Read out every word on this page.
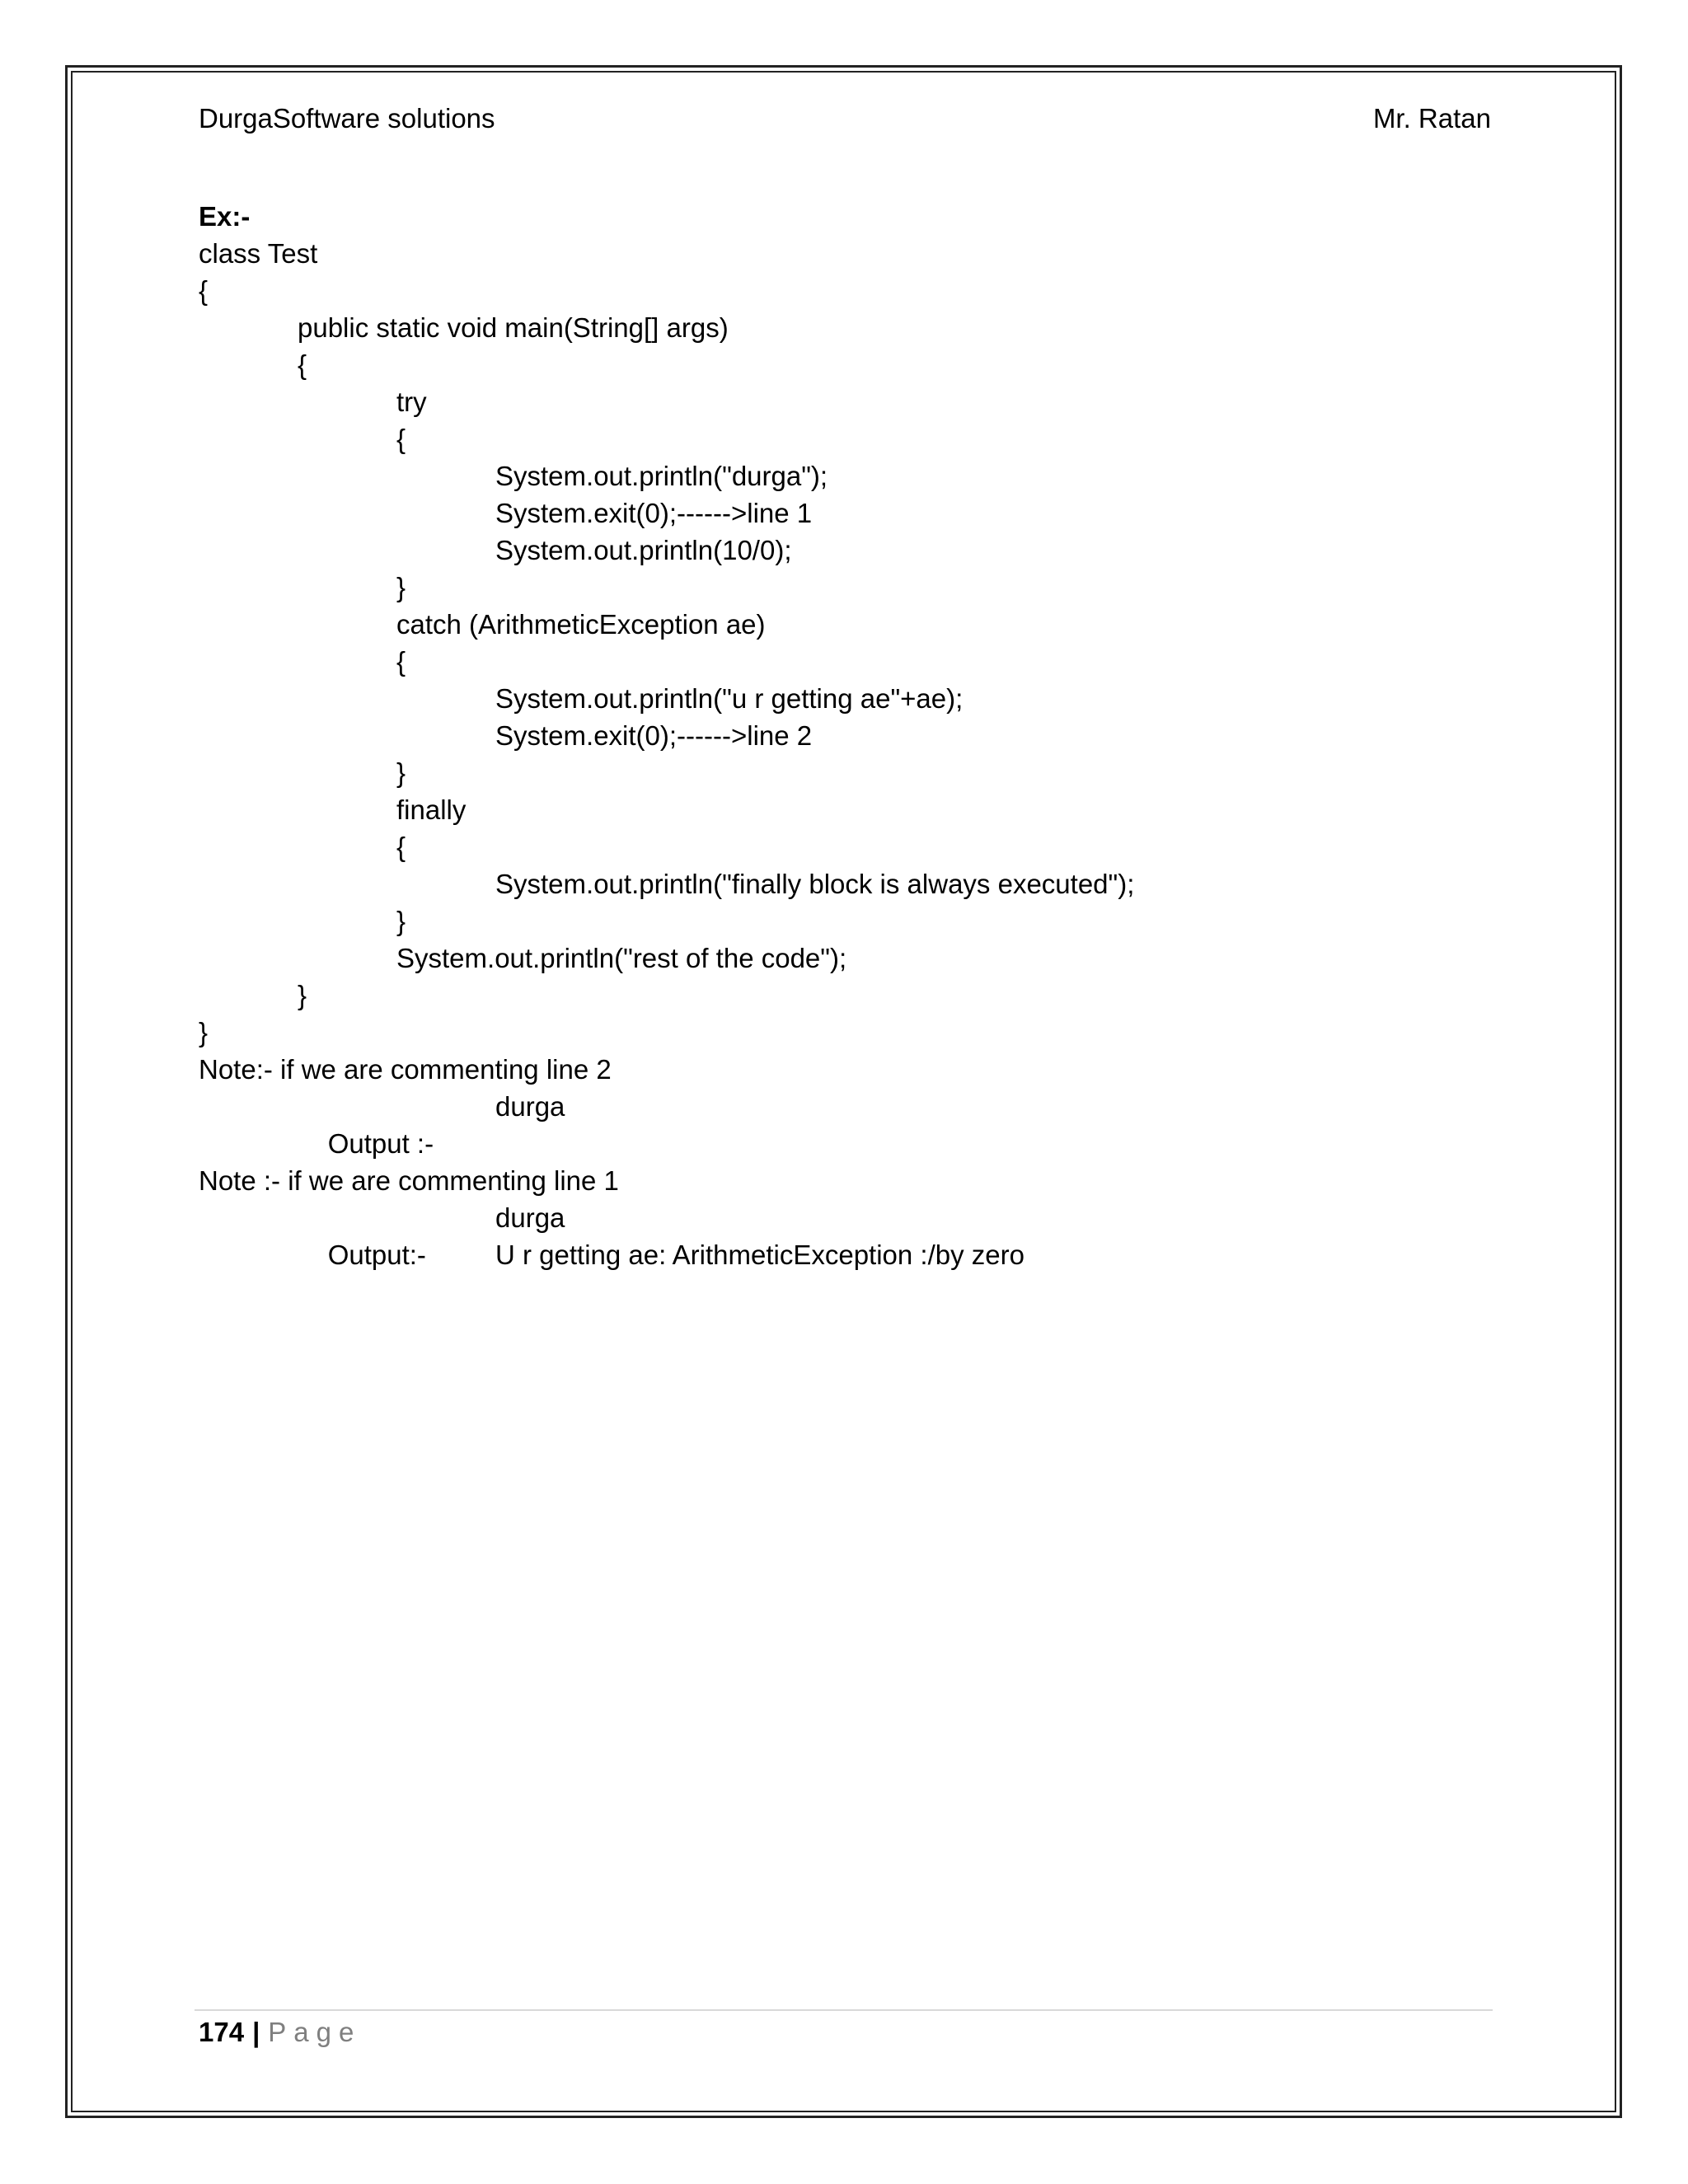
DurgaSoftware solutions	Mr. Ratan
Ex:-
class Test
{
public static void main(String[] args)
{
try
{
System.out.println("durga");
System.exit(0);------>line 1
System.out.println(10/0);
}
catch (ArithmeticException ae)
{
System.out.println("u r getting ae"+ae);
System.exit(0);------>line 2
}
finally
{
System.out.println("finally block is always executed");
}
System.out.println("rest of the code");
}
}
Note:- if we are commenting line 2

Output :-

durga

Note :- if we are commenting line 1

Output:-

durga

U r getting ae: ArithmeticException :/by zero
174 | Page
